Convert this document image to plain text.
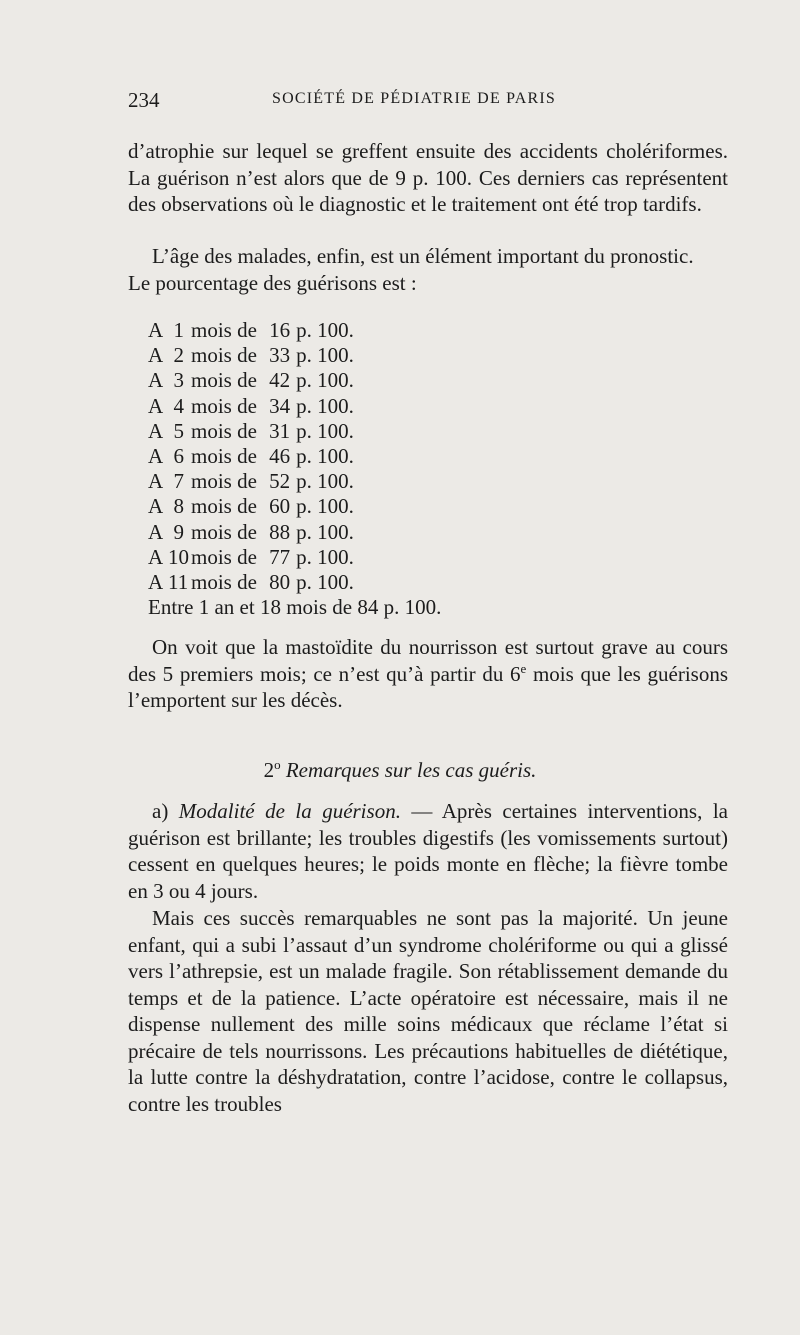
234	SOCIÉTÉ DE PÉDIATRIE DE PARIS
d’atrophie sur lequel se greffent ensuite des accidents cholériformes. La guérison n’est alors que de 9 p. 100. Ces derniers cas représentent des observations où le diagnostic et le traitement ont été trop tardifs.
L’âge des malades, enfin, est un élément important du pronostic.
Le pourcentage des guérisons est :
A 1 mois de 16 p. 100.
A 2 mois de 33 p. 100.
A 3 mois de 42 p. 100.
A 4 mois de 34 p. 100.
A 5 mois de 31 p. 100.
A 6 mois de 46 p. 100.
A 7 mois de 52 p. 100.
A 8 mois de 60 p. 100.
A 9 mois de 88 p. 100.
A 10mois de 77 p. 100.
A 11 mois de 80 p. 100.
Entre 1 an et 18 mois de 84 p. 100.
On voit que la mastoïdite du nourrisson est surtout grave au cours des 5 premiers mois; ce n’est qu’à partir du 6e mois que les guérisons l’emportent sur les décès.
2$^o$ Remarques sur les cas guéris.
a) Modalité de la guérison. — Après certaines interventions, la guérison est brillante; les troubles digestifs (les vomissements surtout) cessent en quelques heures; le poids monte en flèche; la fièvre tombe en 3 ou 4 jours.
Mais ces succès remarquables ne sont pas la majorité. Un jeune enfant, qui a subi l’assaut d’un syndrome cholériforme ou qui a glissé vers l’athrepsie, est un malade fragile. Son rétablissement demande du temps et de la patience. L’acte opératoire est nécessaire, mais il ne dispense nullement des mille soins médicaux que réclame l’état si précaire de tels nourrissons. Les précautions habituelles de diététique, la lutte contre la déshydratation, contre l’acidose, contre le collapsus, contre les troubles
